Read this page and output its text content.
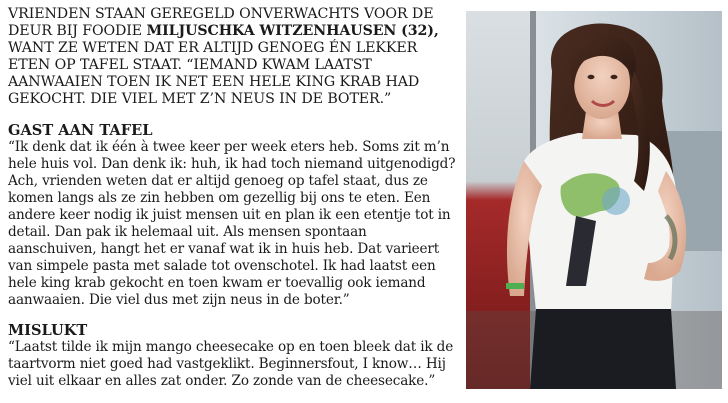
VRIENDEN STAAN GEREGELD ONVERWACHTS VOOR DE DEUR BIJ FOODIE MILJUSCHKA WITZENHAUSEN (32), WANT ZE WETEN DAT ER ALTIJD GENOEG ÉN LEKKER ETEN OP TAFEL STAAT. “IEMAND KWAM LAATST AANWAAIEN TOEN IK NET EEN HELE KING KRAB HAD GEKOCHT. DIE VIEL MET Z’N NEUS IN DE BOTER.”

GAST AAN TAFEL

“Ik denk dat ik één à twee keer per week eters heb. Soms zit m’n hele huis vol. Dan denk ik: huh, ik had toch niemand uitgenodigd? Ach, vrienden weten dat er altijd genoeg op tafel staat, dus ze komen langs als ze zin hebben om gezellig bij ons te eten. Een andere keer nodig ik juist mensen uit en plan ik een etentje tot in detail. Dan pak ik helemaal uit. Als mensen spontaan aanschuiven, hangt het er vanaf wat ik in huis heb. Dat varieert van simpele pasta met salade tot ovenschotel. Ik had laatst een hele king krab gekocht en toen kwam er toevallig ook iemand aanwaaien. Die viel dus met zijn neus in de boter.”

MISLUKT

“Laatst tilde ik mijn mango cheesecake op en toen bleek dat ik de taartvorm niet goed had vastgeklikt. Beginnersfout, I know… Hij viel uit elkaar en alles zat onder. Zo zonde van de cheesecake.”
